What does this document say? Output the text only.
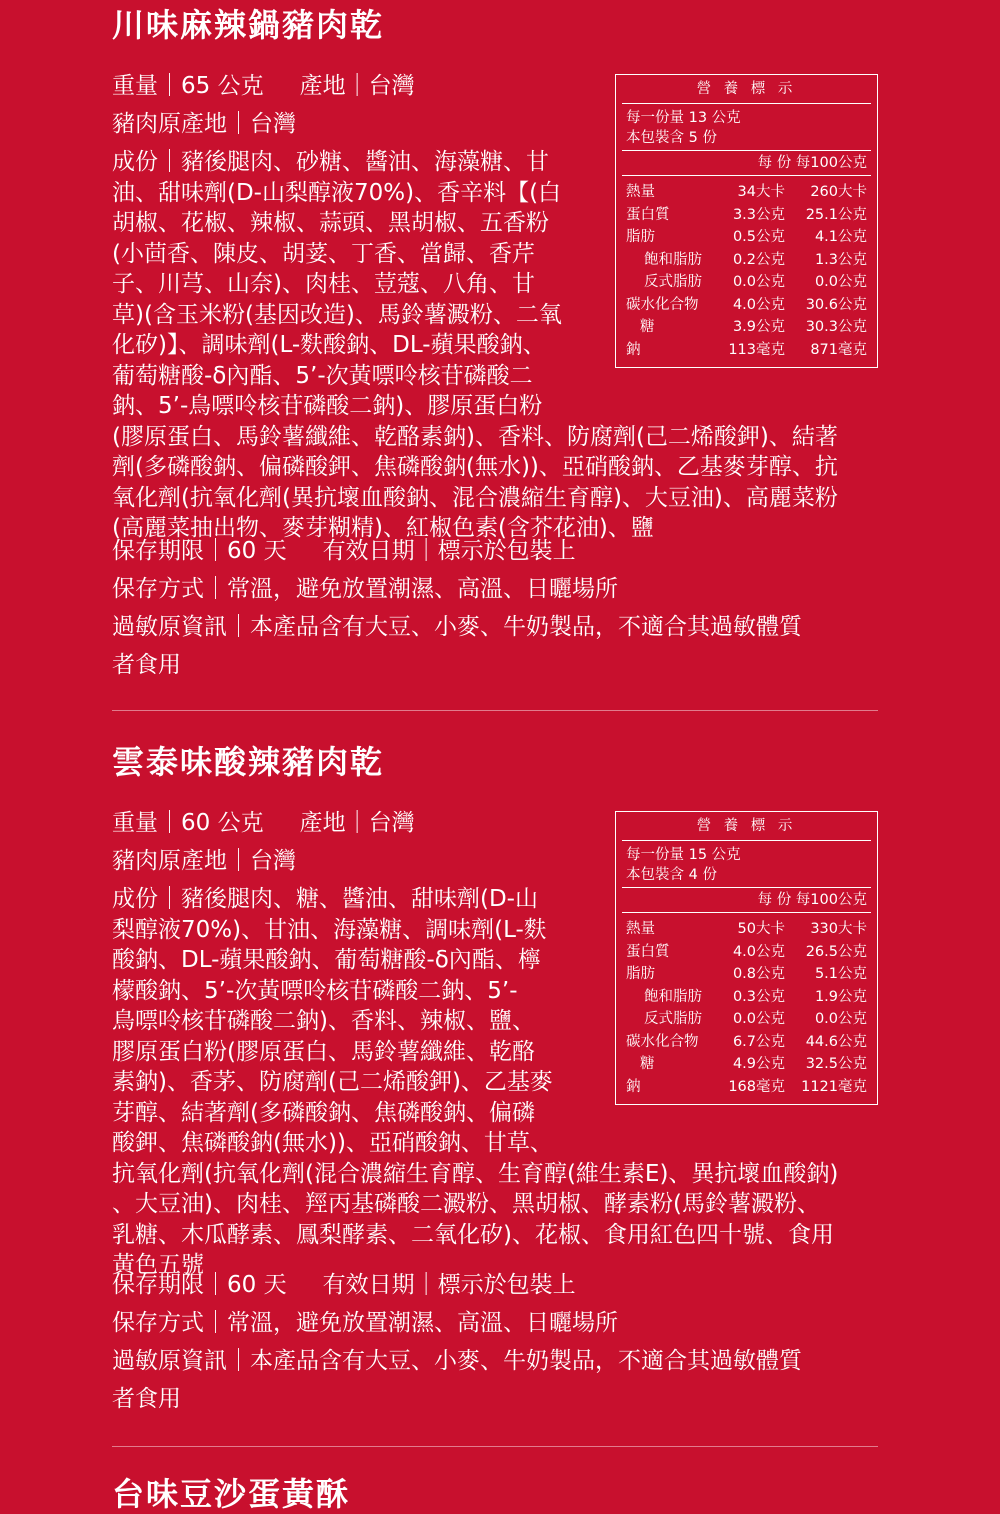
川味麻辣鍋豬肉乾
重量｜65 公克 產地｜台灣
豬肉原產地｜台灣
成份｜豬後腿肉、砂糖、醬油、海藻糖、甘
油、甜味劑(D-山梨醇液70%)、香辛料【(白
胡椒、花椒、辣椒、蒜頭、黑胡椒、五香粉
(小茴香、陳皮、胡荽、丁香、當歸、香芹
子、川芎、山奈)、肉桂、荳蔻、八角、甘
草)(含玉米粉(基因改造)、馬鈴薯澱粉、二氧
化矽)】、調味劑(L-麩酸鈉、DL-蘋果酸鈉、
葡萄糖酸-δ內酯、5’-次黃嘌呤核苷磷酸二
鈉、5’-鳥嘌呤核苷磷酸二鈉)、膠原蛋白粉
(膠原蛋白、馬鈴薯纖維、乾酪素鈉)、香料、防腐劑(己二烯酸鉀)、結著
劑(多磷酸鈉、偏磷酸鉀、焦磷酸鈉(無水))、亞硝酸鈉、乙基麥芽醇、抗
氧化劑(抗氧化劑(異抗壞血酸鈉、混合濃縮生育醇)、大豆油)、高麗菜粉
(高麗菜抽出物、麥芽糊精)、紅椒色素(含芥花油)、鹽
保存期限｜60 天 有效日期｜標示於包裝上
保存方式｜常溫，避免放置潮濕、高溫、日曬場所
過敏原資訊｜本產品含有大豆、小麥、牛奶製品，不適合其過敏體質
者食用
營 養 標 示
每一份量 13 公克
本包裝含 5 份
每 份 每100公克
熱量	34大卡	260大卡
蛋白質	3.3公克	25.1公克
脂肪	0.5公克	4.1公克
飽和脂肪	0.2公克	1.3公克
反式脂肪	0.0公克	0.0公克
碳水化合物	4.0公克	30.6公克
糖	3.9公克	30.3公克
鈉	113毫克	871毫克
雲泰味酸辣豬肉乾
重量｜60 公克 產地｜台灣
豬肉原產地｜台灣
成份｜豬後腿肉、糖、醬油、甜味劑(D-山
梨醇液70%)、甘油、海藻糖、調味劑(L-麩
酸鈉、DL-蘋果酸鈉、葡萄糖酸-δ內酯、檸
檬酸鈉、5’-次黃嘌呤核苷磷酸二鈉、5’-
鳥嘌呤核苷磷酸二鈉)、香料、辣椒、鹽、
膠原蛋白粉(膠原蛋白、馬鈴薯纖維、乾酪
素鈉)、香茅、防腐劑(己二烯酸鉀)、乙基麥
芽醇、結著劑(多磷酸鈉、焦磷酸鈉、偏磷
酸鉀、焦磷酸鈉(無水))、亞硝酸鈉、甘草、
抗氧化劑(抗氧化劑(混合濃縮生育醇、生育醇(維生素E)、異抗壞血酸鈉)
、大豆油)、肉桂、羥丙基磷酸二澱粉、黑胡椒、酵素粉(馬鈴薯澱粉、
乳糖、木瓜酵素、鳳梨酵素、二氧化矽)、花椒、食用紅色四十號、食用
黃色五號
保存期限｜60 天 有效日期｜標示於包裝上
保存方式｜常溫，避免放置潮濕、高溫、日曬場所
過敏原資訊｜本產品含有大豆、小麥、牛奶製品，不適合其過敏體質
者食用
營 養 標 示
每一份量 15 公克
本包裝含 4 份
每 份 每100公克
熱量	50大卡	330大卡
蛋白質	4.0公克	26.5公克
脂肪	0.8公克	5.1公克
飽和脂肪	0.3公克	1.9公克
反式脂肪	0.0公克	0.0公克
碳水化合物	6.7公克	44.6公克
糖	4.9公克	32.5公克
鈉	168毫克	1121毫克
台味豆沙蛋黃酥
